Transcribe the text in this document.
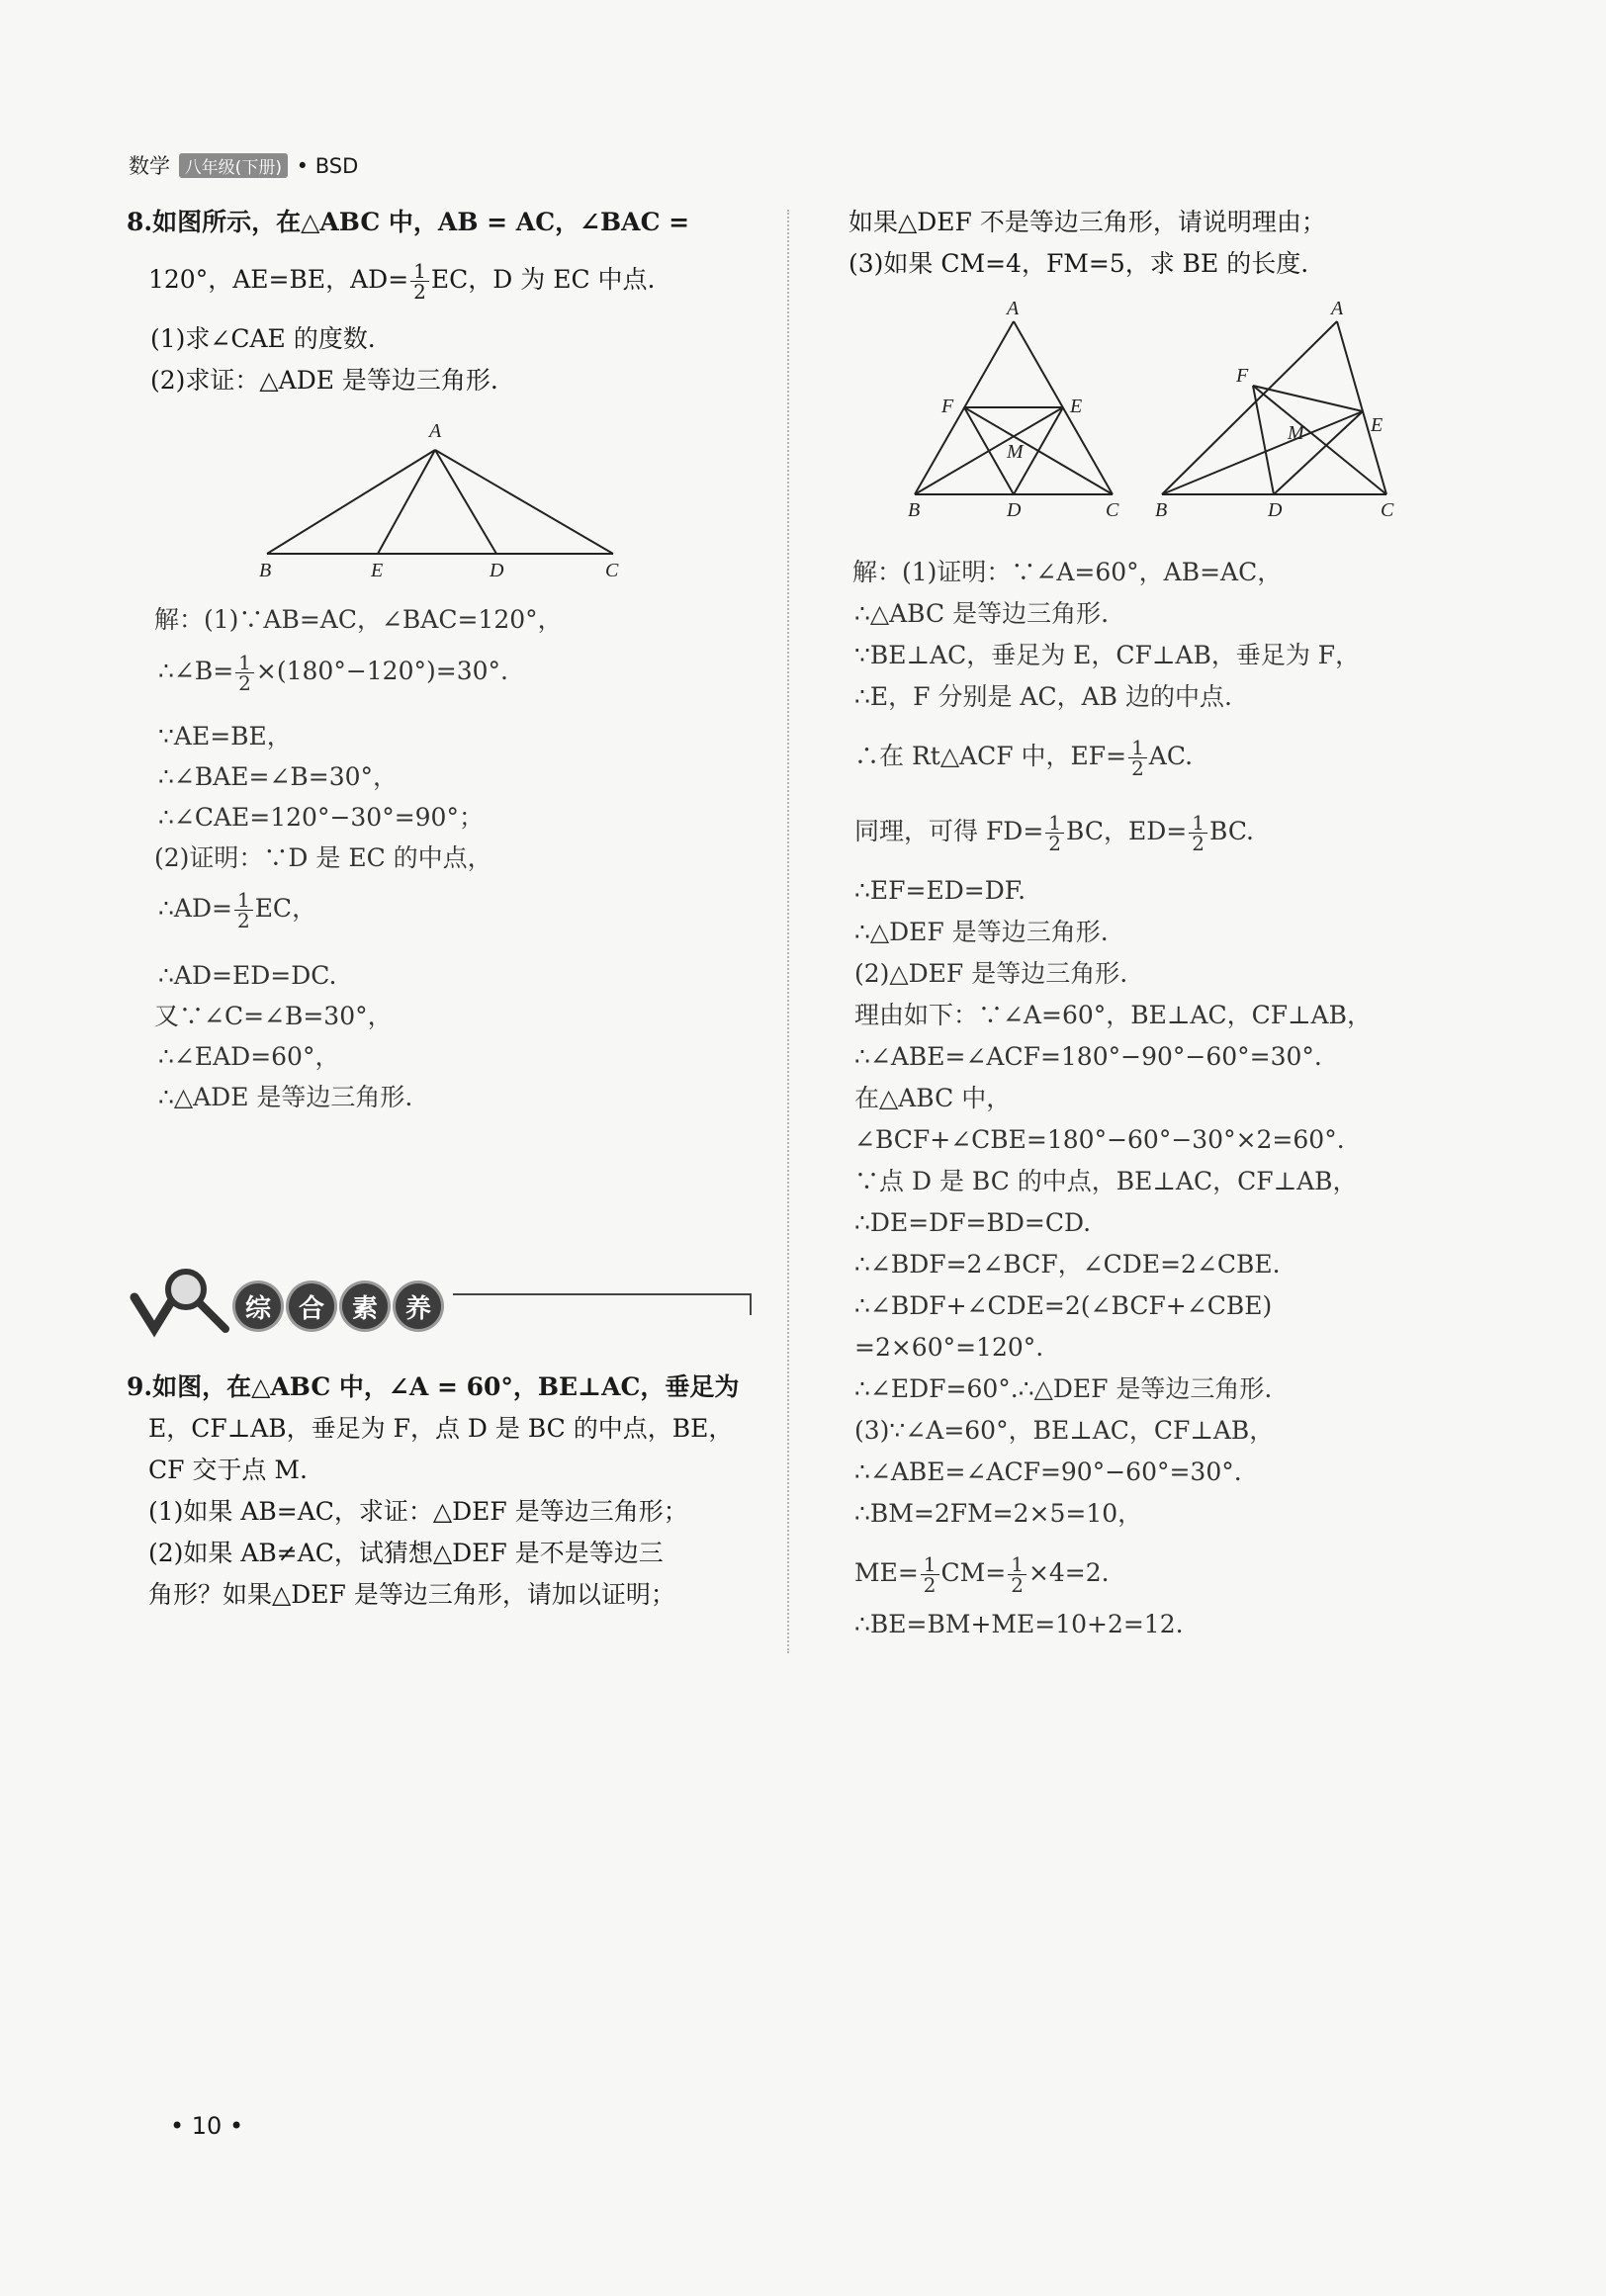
数学 八年级(下册) • BSD
8.如图所示，在△ABC 中，AB = AC，∠BAC =
120°，AE=BE，$AD= \frac{1}{2}$ EC，D 为 EC 中点.
(1)求∠CAE 的度数.
(2)求证：△ADE 是等边三角形.
A
B	E	D	C
解：(1)∵AB=AC，∠BAC=120°，
∴∠B= $\frac{1}{2} \times(180^\circ-120^\circ)=30^\circ$.
∵AE=BE，
∴∠BAE=∠B=30°，
∴∠CAE=120°−30°=90°；
(2)证明：∵D 是 EC 的中点，
∴AD= $\frac{1}{2}$ EC，
∴AD=ED=DC.
又∵∠C=∠B=30°，
∴∠EAD=60°，
∴△ADE 是等边三角形.
综	合	素	养
9.如图，在△ABC 中，∠A = 60°，BE⊥AC，垂足为
E，CF⊥AB，垂足为 F，点 D 是 BC 的中点，BE，
CF 交于点 M.
(1)如果 AB=AC，求证：△DEF 是等边三角形；
(2)如果 AB≠AC，试猜想△DEF 是不是等边三
角形？如果△DEF 是等边三角形，请加以证明；
如果△DEF 不是等边三角形，请说明理由；
(3)如果 CM=4，FM=5，求 BE 的长度.
A
F	E
M
B	D	C
A
F
E
M
B	D	C
解：(1)证明：∵∠A=60°，AB=AC，
∴△ABC 是等边三角形.
∵BE⊥AC，垂足为 E，CF⊥AB，垂足为 F，
∴E，F 分别是 AC，AB 边的中点.
∴在 Rt△ACF 中，$EF= \frac{1}{2}$ AC.
同理，可得 $FD= \frac{1}{2}$ BC，$ED= \frac{1}{2}$ BC.
∴EF=ED=DF.
∴△DEF 是等边三角形.
(2)△DEF 是等边三角形.
理由如下：∵∠A=60°，BE⊥AC，CF⊥AB，
∴∠ABE=∠ACF=180°−90°−60°=30°.
在△ABC 中，
∠BCF+∠CBE=180°−60°−30°×2=60°.
∵点 D 是 BC 的中点，BE⊥AC，CF⊥AB，
∴DE=DF=BD=CD.
∴∠BDF=2∠BCF，∠CDE=2∠CBE.
∴∠BDF+∠CDE=2(∠BCF+∠CBE)
=2×60°=120°.
∴∠EDF=60°.∴△DEF 是等边三角形.
(3)∵∠A=60°，BE⊥AC，CF⊥AB，
∴∠ABE=∠ACF=90°−60°=30°.
∴BM=2FM=2×5=10，
$ME= \frac{1}{2} CM= \frac{1}{2} \times 4=2$.
∴BE=BM+ME=10+2=12.
• 10 •
